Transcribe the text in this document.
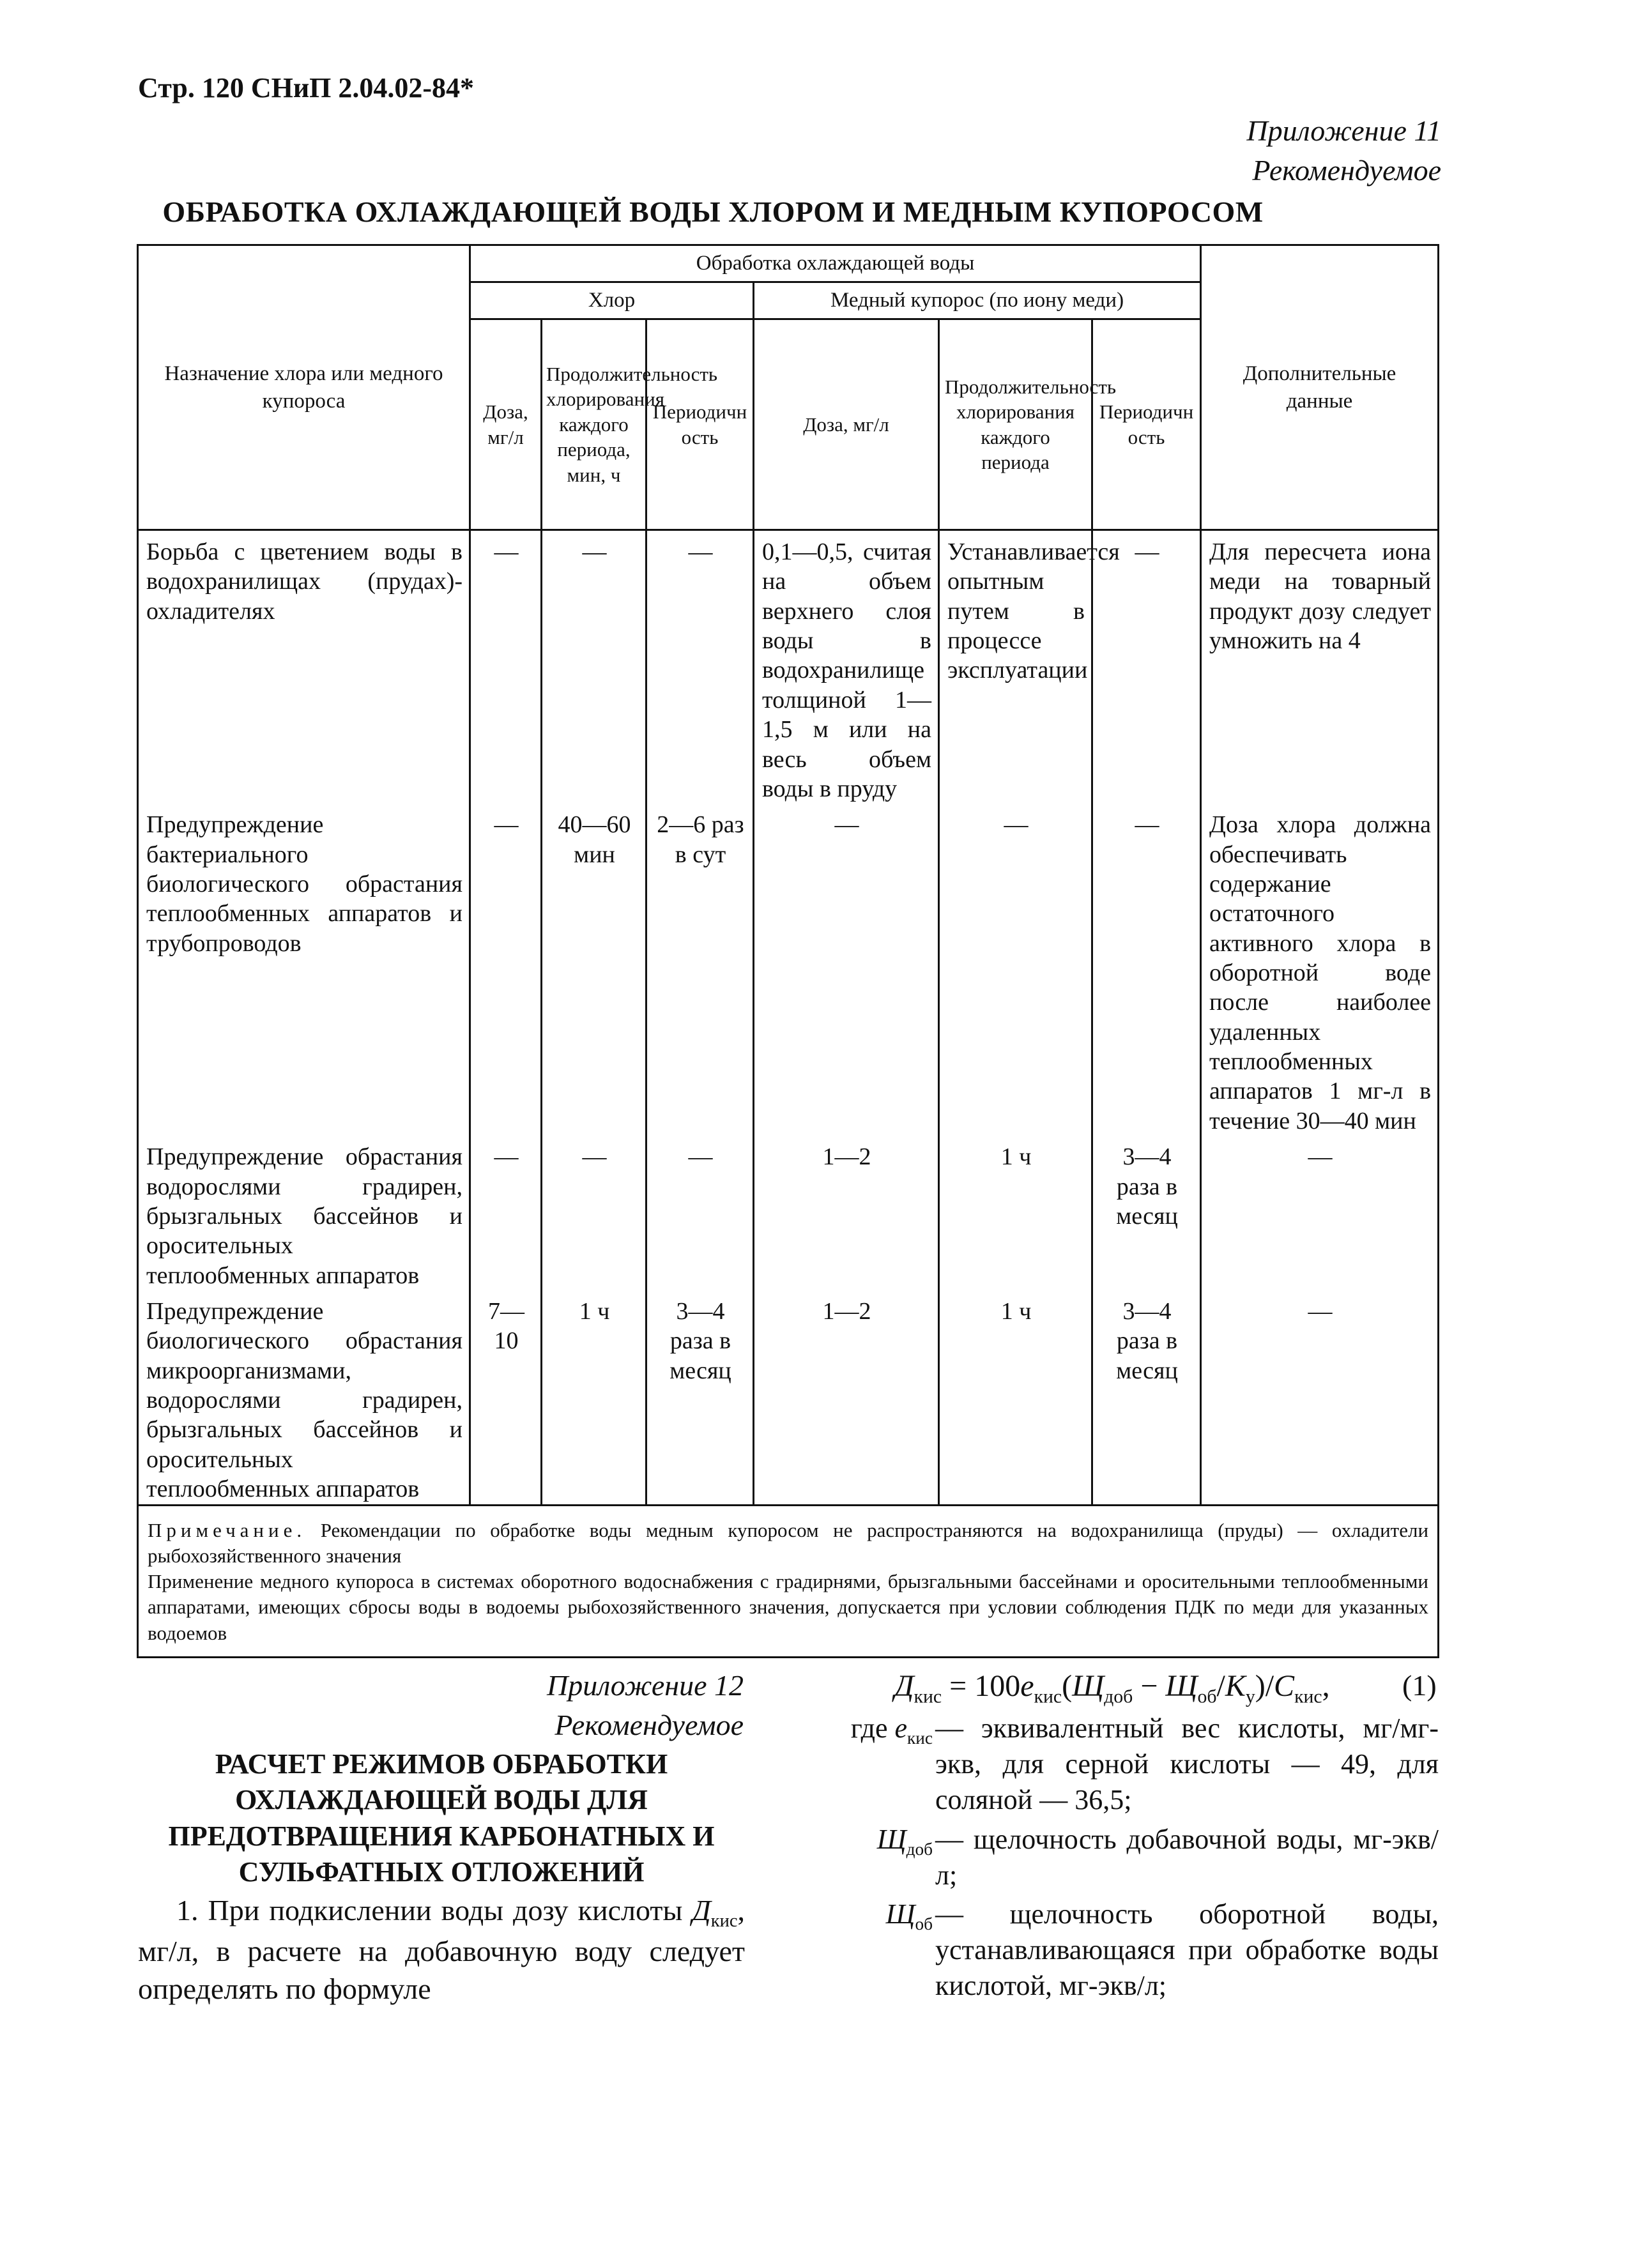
Стр. 120 СНиП 2.04.02-84*
Приложение 11
Рекомендуемое
ОБРАБОТКА ОХЛАЖДАЮЩЕЙ ВОДЫ ХЛОРОМ И МЕДНЫМ КУПОРОСОМ
Назначение хлора или медного купороса	Обработка охлаждающей воды						Дополнительные данные

	Хлор			Медный купорос (по иону меди)			

	Доза, мг/л	Продолжительность хлорирования каждого периода, мин, ч	Периодичность	Доза, мг/л	Продолжительность хлорирования каждого периода	Периодичность	

Борьба с цветением воды в водохранилищах (прудах)-охладителях	—	—	—	0,1—0,5, считая на объем верхнего слоя воды в водохранилище толщиной 1—1,5 м или на весь объем воды в пруду	Устанавливается опытным путем в процессе эксплуатации	—	Для пересчета иона меди на товарный продукт дозу следует умножить на 4
Предупреждение бактериального биологического обрастания теплообменных аппаратов и трубопроводов	—	40—60 мин	2—6 раз в сут	—	—	—	Доза хлора должна обеспечивать содержание остаточного активного хлора в оборотной воде после наиболее удаленных теплообменных аппаратов 1 мг-л в течение 30—40 мин
Предупреждение обрастания водорослями градирен, брызгальных бассейнов и оросительных теплообменных аппаратов	—	—	—	1—2	1 ч	3—4 раза в месяц	—
Предупреждение биологического обрастания микроорганизмами, водорослями градирен, брызгальных бассейнов и оросительных теплообменных аппаратов	7—10	1 ч	3—4 раза в месяц	1—2	1 ч	3—4 раза в месяц	—

Примечание. Рекомендации по обработке воды медным купоросом не распространяются на водохранилища (пруды) — охладители рыбохозяйственного значения

Применение медного купороса в системах оборотного водоснабжения с градирнями, брызгальными бассейнами и оросительными теплообменными аппаратами, имеющих сбросы воды в водоемы рыбохозяйственного значения, допускается при условии соблюдения ПДК по меди для указанных водоемов							

Приложение 12
Рекомендуемое
РАСЧЕТ РЕЖИМОВ ОБРАБОТКИ ОХЛАЖДАЮЩЕЙ ВОДЫ ДЛЯ ПРЕДОТВРАЩЕНИЯ КАРБОНАТНЫХ И СУЛЬФАТНЫХ ОТЛОЖЕНИЙ
1. При подкислении воды дозу кислоты $Д_{кис}$, мг/л, в расчете на добавочную воду следует определять по формуле
$Д_{кис} = 100e_{кис}(Щ_{доб} - Щ_{об}/K_у)/C_{кис}$, (1)
где $e_{кис}$ — эквивалентный вес кислоты, мг/мг-экв, для серной кислоты — 49, для соляной — 36,5;
$Щ_{доб}$ — щелочность добавочной воды, мг-экв/л;
$Щ_{об}$ — щелочность оборотной воды, устанавливающаяся при обработке воды кислотой, мг-экв/л;
